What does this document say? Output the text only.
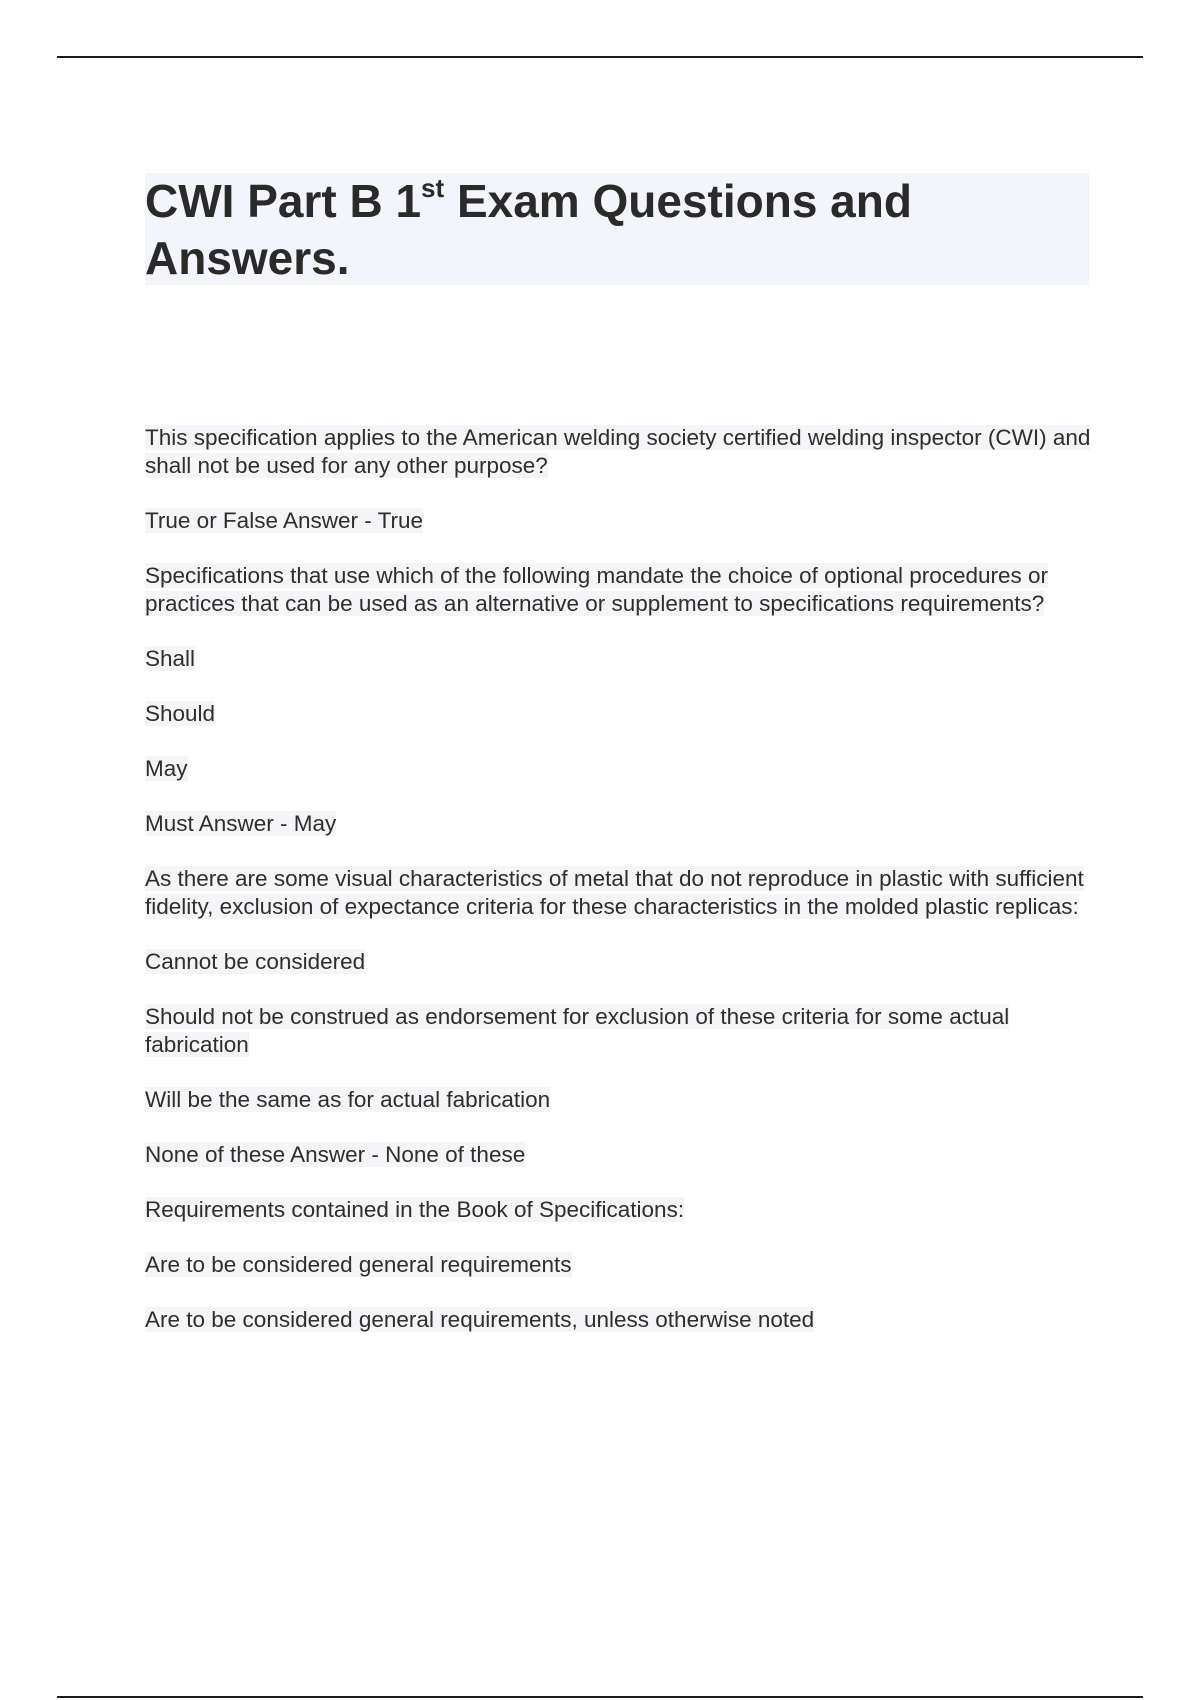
CWI Part B 1st Exam Questions and Answers.

This specification applies to the American welding society certified welding inspector (CWI) and shall not be used for any other purpose?

True or False Answer - True

Specifications that use which of the following mandate the choice of optional procedures or practices that can be used as an alternative or supplement to specifications requirements?

Shall

Should

May

Must Answer - May

As there are some visual characteristics of metal that do not reproduce in plastic with sufficient fidelity, exclusion of expectance criteria for these characteristics in the molded plastic replicas:

Cannot be considered

Should not be construed as endorsement for exclusion of these criteria for some actual fabrication

Will be the same as for actual fabrication

None of these Answer - None of these

Requirements contained in the Book of Specifications:

Are to be considered general requirements

Are to be considered general requirements, unless otherwise noted
